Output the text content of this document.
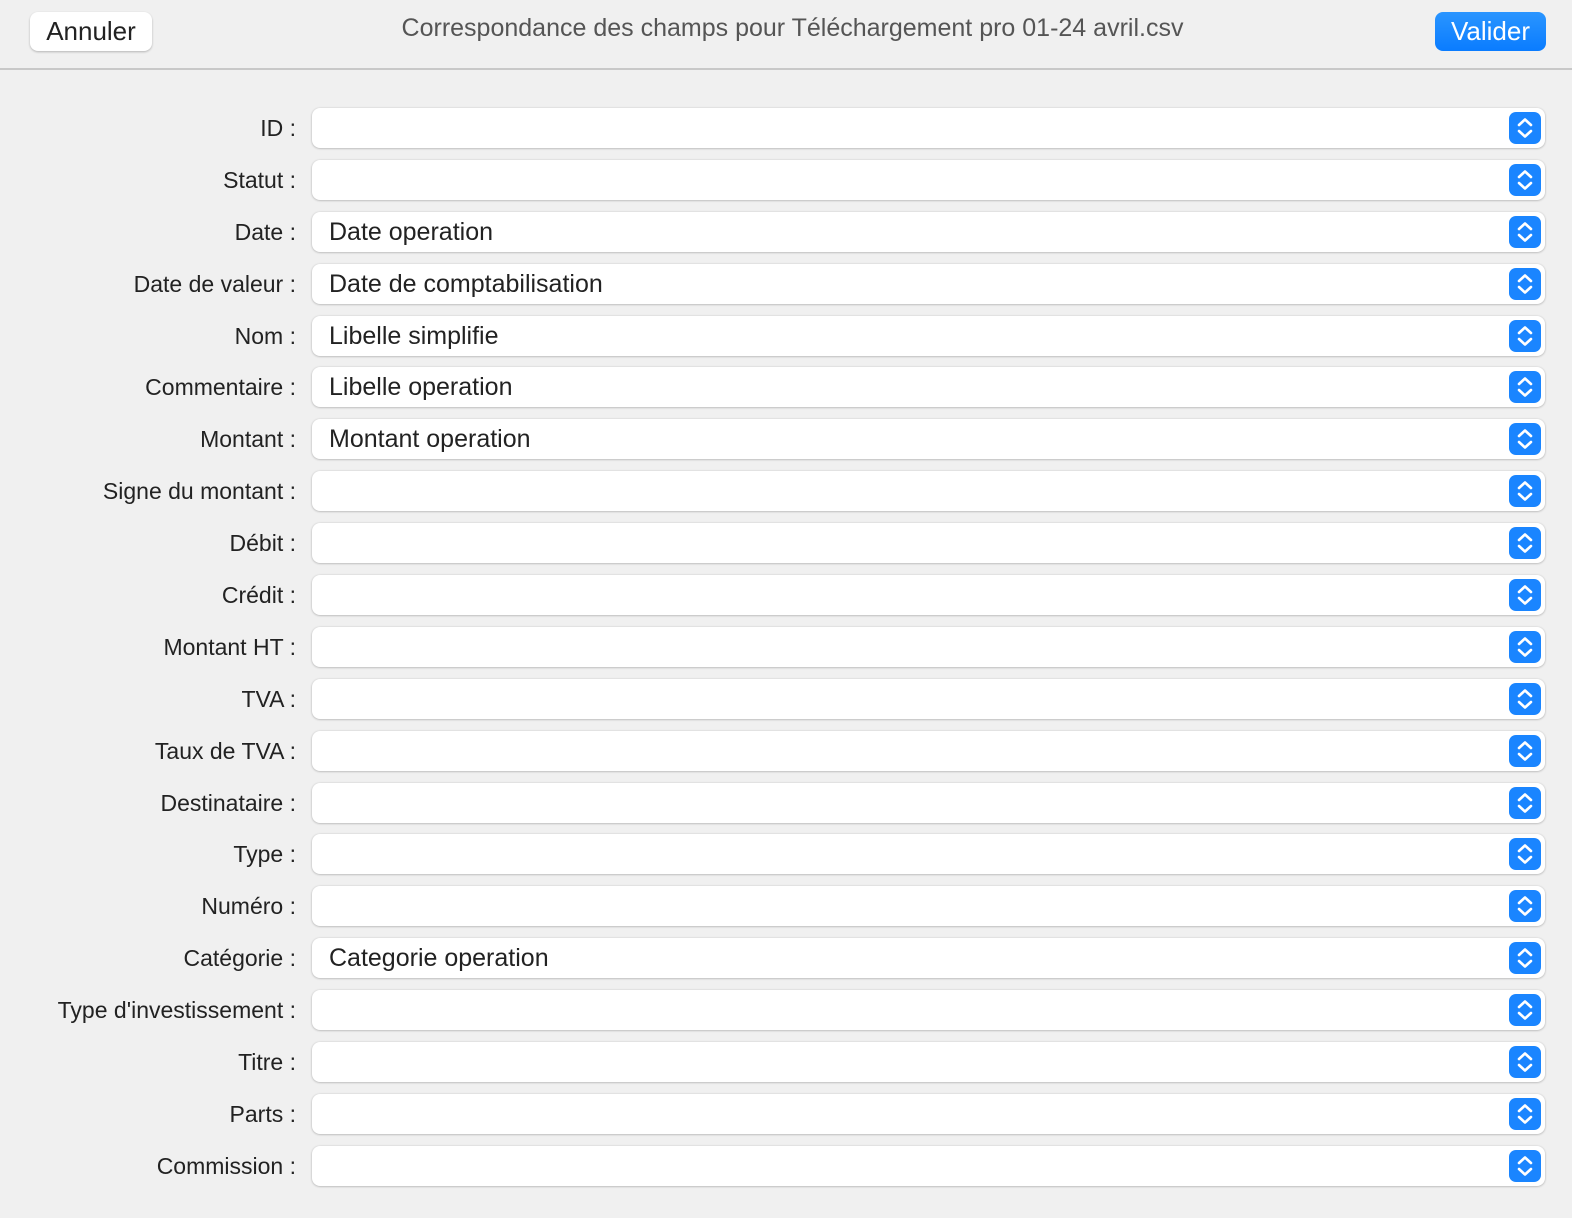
Annuler	Correspondance des champs pour Téléchargement pro 01-24 avril.csv	Valider
ID :
Statut :
Date : Date operation
Date de valeur : Date de comptabilisation
Nom : Libelle simplifie
Commentaire : Libelle operation
Montant : Montant operation
Signe du montant :
Débit :
Crédit :
Montant HT :
TVA :
Taux de TVA :
Destinataire :
Type :
Numéro :
Catégorie : Categorie operation
Type d'investissement :
Titre :
Parts :
Commission :
